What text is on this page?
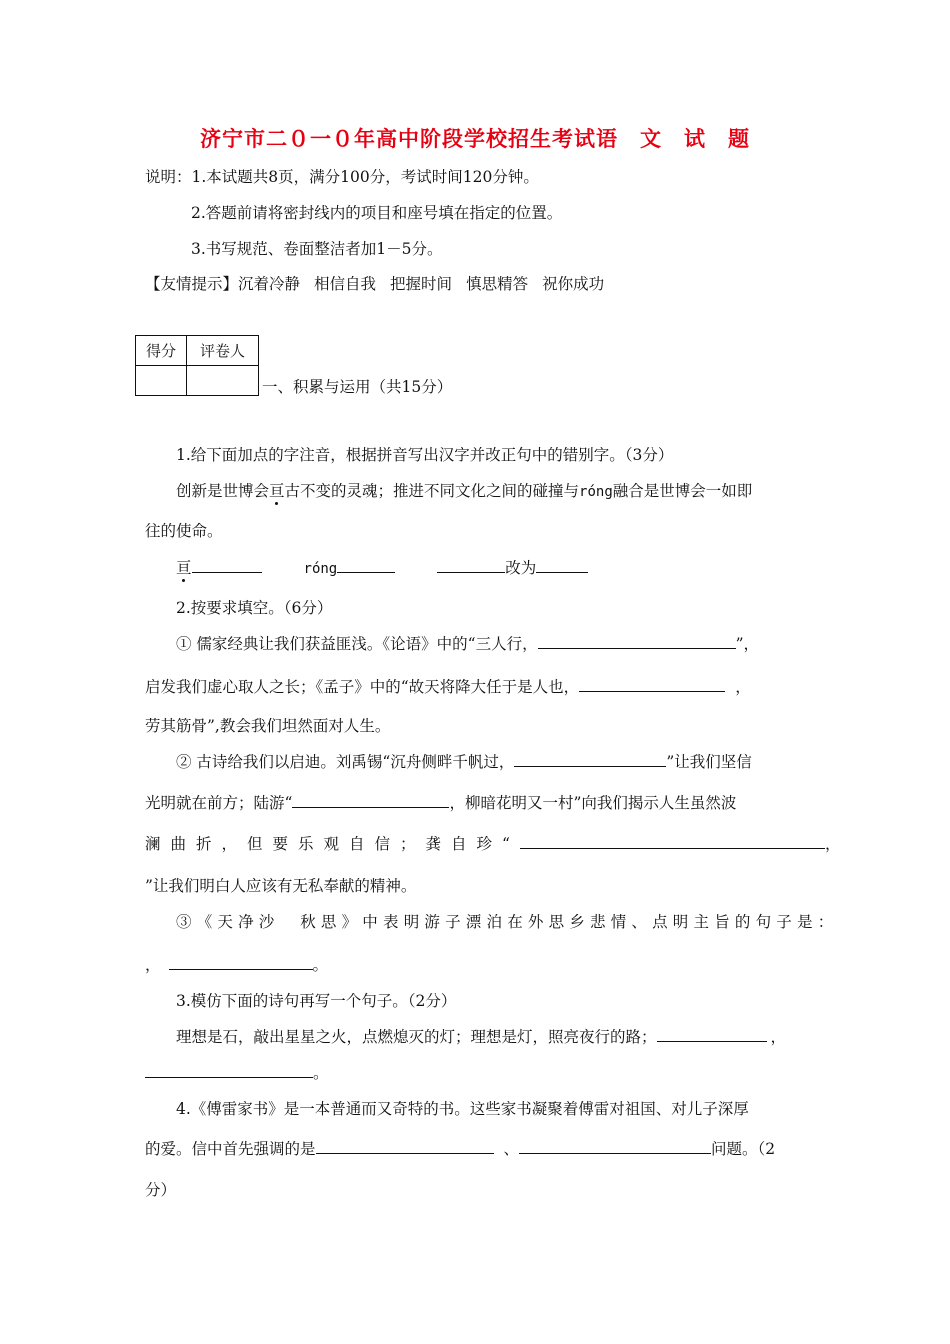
济宁市二０一０年高中阶段学校招生考试语　文　试　题
说明：1.本试题共8页，满分100分，考试时间120分钟。
2.答题前请将密封线内的项目和座号填在指定的位置。
3.书写规范、卷面整洁者加1－5分。
【友情提示】沉着冷静 相信自我 把握时间 慎思精答 祝你成功
得分	评卷人

一、积累与运用（共15分）
1.给下面加点的字注音，根据拼音写出汉字并改正句中的错别字。（3分）
创新是世博会亘古不变的灵魂；推进不同文化之间的碰撞与róng融合是世博会一如即
往的使命。
亘	róng	改为
2.按要求填空。（6分）
① 儒家经典让我们获益匪浅。《论语》中的“三人行，	”，
启发我们虚心取人之长；《孟子》中的“故天将降大任于是人也，	，
劳其筋骨”,教会我们坦然面对人生。
② 古诗给我们以启迪。刘禹锡“沉舟侧畔千帆过，	”让我们坚信
光明就在前方；陆游“	，柳暗花明又一村”向我们揭示人生虽然波
澜曲折，但要乐观自信；龚自珍“	，
”让我们明白人应该有无私奉献的精神。
③《天净沙　秋思》中表明游子漂泊在外思乡悲情、点明主旨的句子是：
，	。
3.模仿下面的诗句再写一个句子。（2分）
理想是石，敲出星星之火，点燃熄灭的灯；理想是灯，照亮夜行的路；	，
。
4.《傅雷家书》是一本普通而又奇特的书。这些家书凝聚着傅雷对祖国、对儿子深厚
的爱。信中首先强调的是	、	问题。（2
分）
